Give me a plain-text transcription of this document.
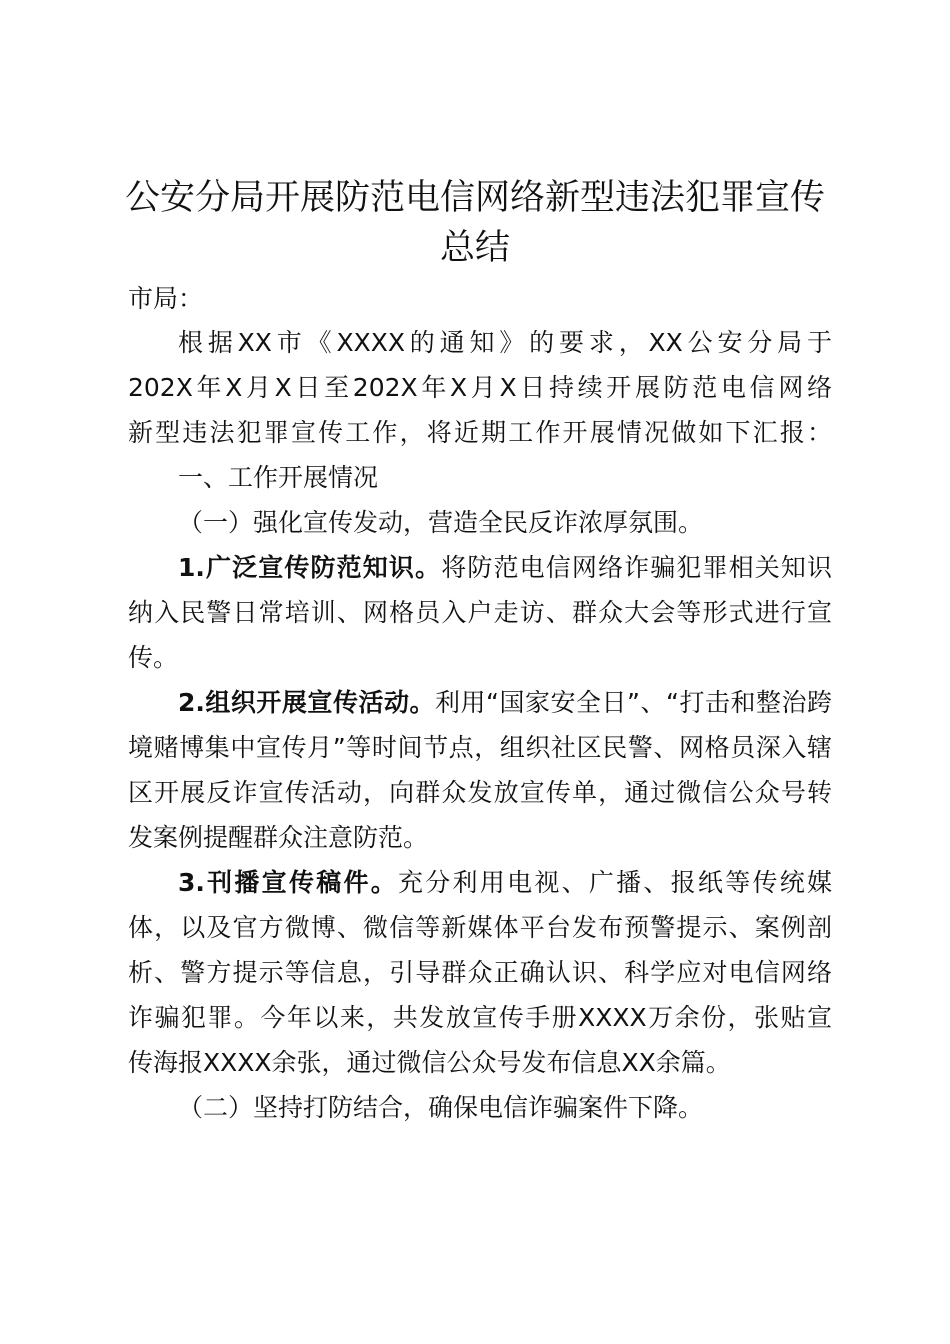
公安分局开展防范电信网络新型违法犯罪宣传
总结

市局：

根据XX市《XXXX的通知》的要求，XX公安分局于

202X年X月X日至202X年X月X日持续开展防范电信网络

新型违法犯罪宣传工作，将近期工作开展情况做如下汇报：

一、工作开展情况

（一）强化宣传发动，营造全民反诈浓厚氛围。

1.广泛宣传防范知识。将防范电信网络诈骗犯罪相关知识

纳入民警日常培训、网格员入户走访、群众大会等形式进行宣

传。

2.组织开展宣传活动。利用“国家安全日”、“打击和整治跨

境赌博集中宣传月”等时间节点，组织社区民警、网格员深入辖

区开展反诈宣传活动，向群众发放宣传单，通过微信公众号转

发案例提醒群众注意防范。

3.刊播宣传稿件。充分利用电视、广播、报纸等传统媒

体，以及官方微博、微信等新媒体平台发布预警提示、案例剖

析、警方提示等信息，引导群众正确认识、科学应对电信网络

诈骗犯罪。今年以来，共发放宣传手册XXXX万余份，张贴宣

传海报XXXX余张，通过微信公众号发布信息XX余篇。

（二）坚持打防结合，确保电信诈骗案件下降。
